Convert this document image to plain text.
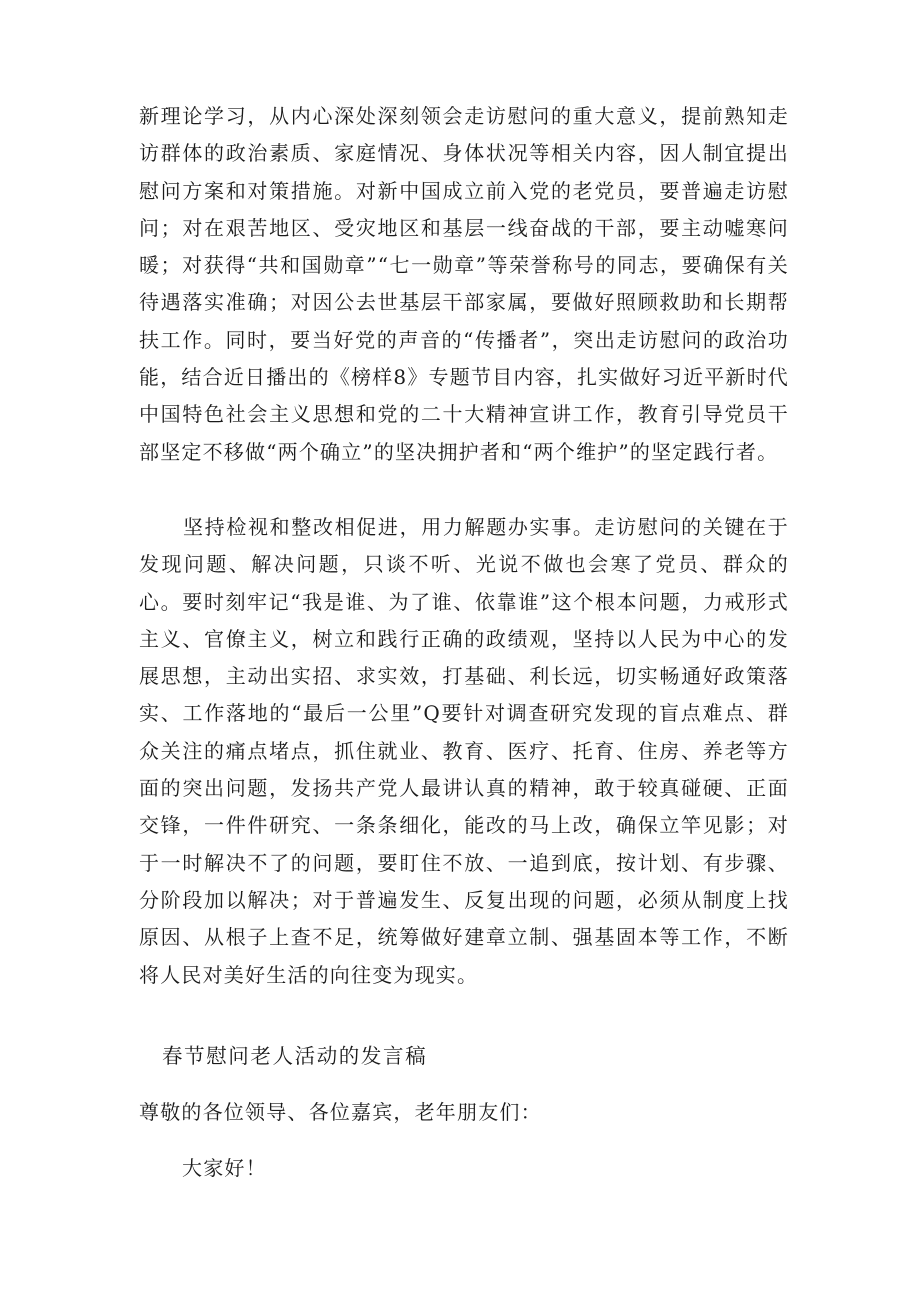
新理论学习，从内心深处深刻领会走访慰问的重大意义，提前熟知走访群体的政治素质、家庭情况、身体状况等相关内容，因人制宜提出慰问方案和对策措施。对新中国成立前入党的老党员，要普遍走访慰问；对在艰苦地区、受灾地区和基层一线奋战的干部，要主动嘘寒问暖；对获得“共和国勋章”“七一勋章”等荣誉称号的同志，要确保有关待遇落实准确；对因公去世基层干部家属，要做好照顾救助和长期帮扶工作。同时，要当好党的声音的“传播者”，突出走访慰问的政治功能，结合近日播出的《榜样8》专题节目内容，扎实做好习近平新时代中国特色社会主义思想和党的二十大精神宣讲工作，教育引导党员干部坚定不移做“两个确立”的坚决拥护者和“两个维护”的坚定践行者。

坚持检视和整改相促进，用力解题办实事。走访慰问的关键在于发现问题、解决问题，只谈不听、光说不做也会寒了党员、群众的心。要时刻牢记“我是谁、为了谁、依靠谁”这个根本问题，力戒形式主义、官僚主义，树立和践行正确的政绩观，坚持以人民为中心的发展思想，主动出实招、求实效，打基础、利长远，切实畅通好政策落实、工作落地的“最后一公里”Q要针对调查研究发现的盲点难点、群众关注的痛点堵点，抓住就业、教育、医疗、托育、住房、养老等方面的突出问题，发扬共产党人最讲认真的精神，敢于较真碰硬、正面交锋，一件件研究、一条条细化，能改的马上改，确保立竿见影；对于一时解决不了的问题，要盯住不放、一追到底，按计划、有步骤、分阶段加以解决；对于普遍发生、反复出现的问题，必须从制度上找原因、从根子上查不足，统筹做好建章立制、强基固本等工作，不断将人民对美好生活的向往变为现实。

春节慰问老人活动的发言稿

尊敬的各位领导、各位嘉宾，老年朋友们：

大家好！
